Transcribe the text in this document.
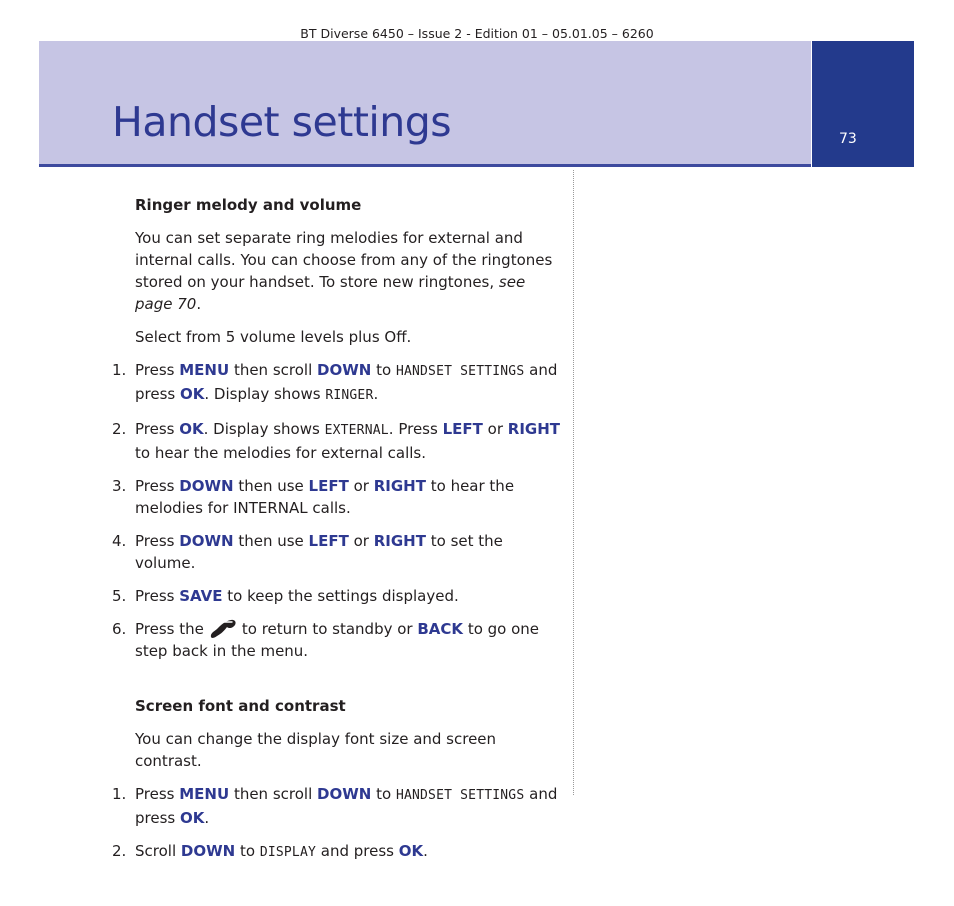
BT Diverse 6450 – Issue 2 - Edition 01 – 05.01.05 – 6260
Handset settings	73
Ringer melody and volume

You can set separate ring melodies for external and internal calls. You can choose from any of the ringtones stored on your handset. To store new ringtones, see page 70.

Select from 5 volume levels plus Off.

1. Press MENU then scroll DOWN to HANDSET SETTINGS and press OK. Display shows RINGER.
2. Press OK. Display shows EXTERNAL. Press LEFT or RIGHT to hear the melodies for external calls.
3. Press DOWN then use LEFT or RIGHT to hear the melodies for INTERNAL calls.
4. Press DOWN then use LEFT or RIGHT to set the volume.
5. Press SAVE to keep the settings displayed.
6. Press the	to return to standby or BACK to go one step back in the menu.
Screen font and contrast

You can change the display font size and screen contrast.

1. Press MENU then scroll DOWN to HANDSET SETTINGS and press OK.
2. Scroll DOWN to DISPLAY and press OK.
